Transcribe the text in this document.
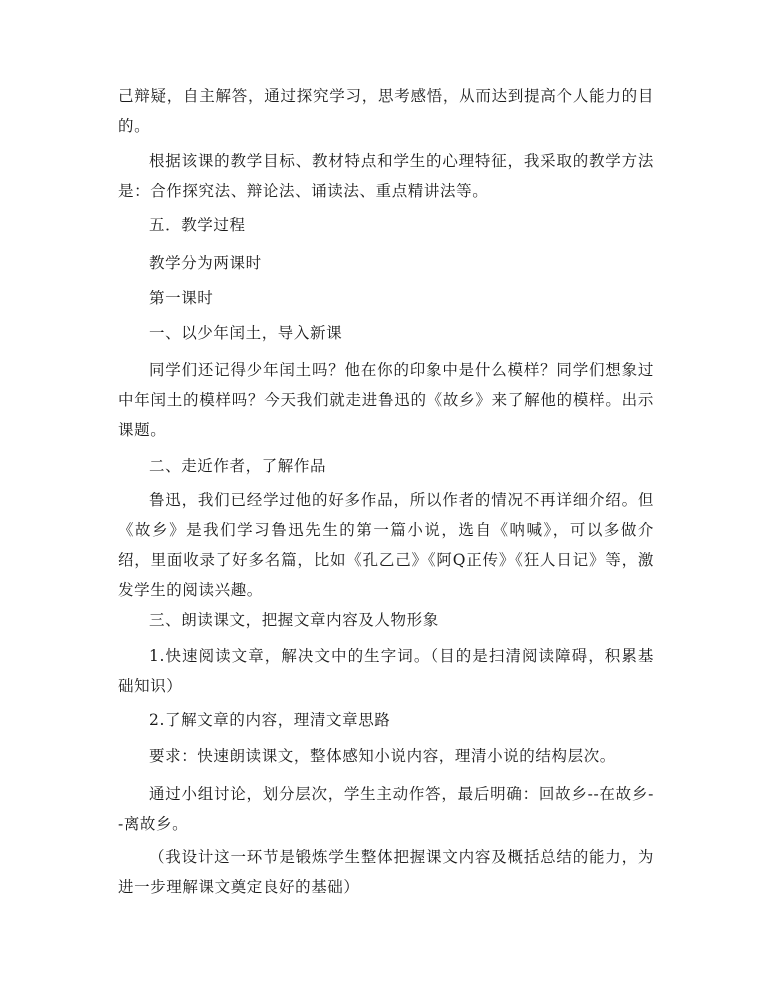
己辩疑，自主解答，通过探究学习，思考感悟，从而达到提高个人能力的目的。
根据该课的教学目标、教材特点和学生的心理特征，我采取的教学方法是：合作探究法、辩论法、诵读法、重点精讲法等。
五．教学过程
教学分为两课时
第一课时
一、以少年闰土，导入新课
同学们还记得少年闰土吗？他在你的印象中是什么模样？同学们想象过中年闰土的模样吗？今天我们就走进鲁迅的《故乡》来了解他的模样。出示课题。
二、走近作者，了解作品
鲁迅，我们已经学过他的好多作品，所以作者的情况不再详细介绍。但《故乡》是我们学习鲁迅先生的第一篇小说，选自《呐喊》，可以多做介绍，里面收录了好多名篇，比如《孔乙己》《阿Q正传》《狂人日记》等，激发学生的阅读兴趣。
三、朗读课文，把握文章内容及人物形象
1.快速阅读文章，解决文中的生字词。（目的是扫清阅读障碍，积累基础知识）
2.了解文章的内容，理清文章思路
要求：快速朗读课文，整体感知小说内容，理清小说的结构层次。
通过小组讨论，划分层次，学生主动作答，最后明确：回故乡--在故乡--离故乡。
（我设计这一环节是锻炼学生整体把握课文内容及概括总结的能力，为进一步理解课文奠定良好的基础）
